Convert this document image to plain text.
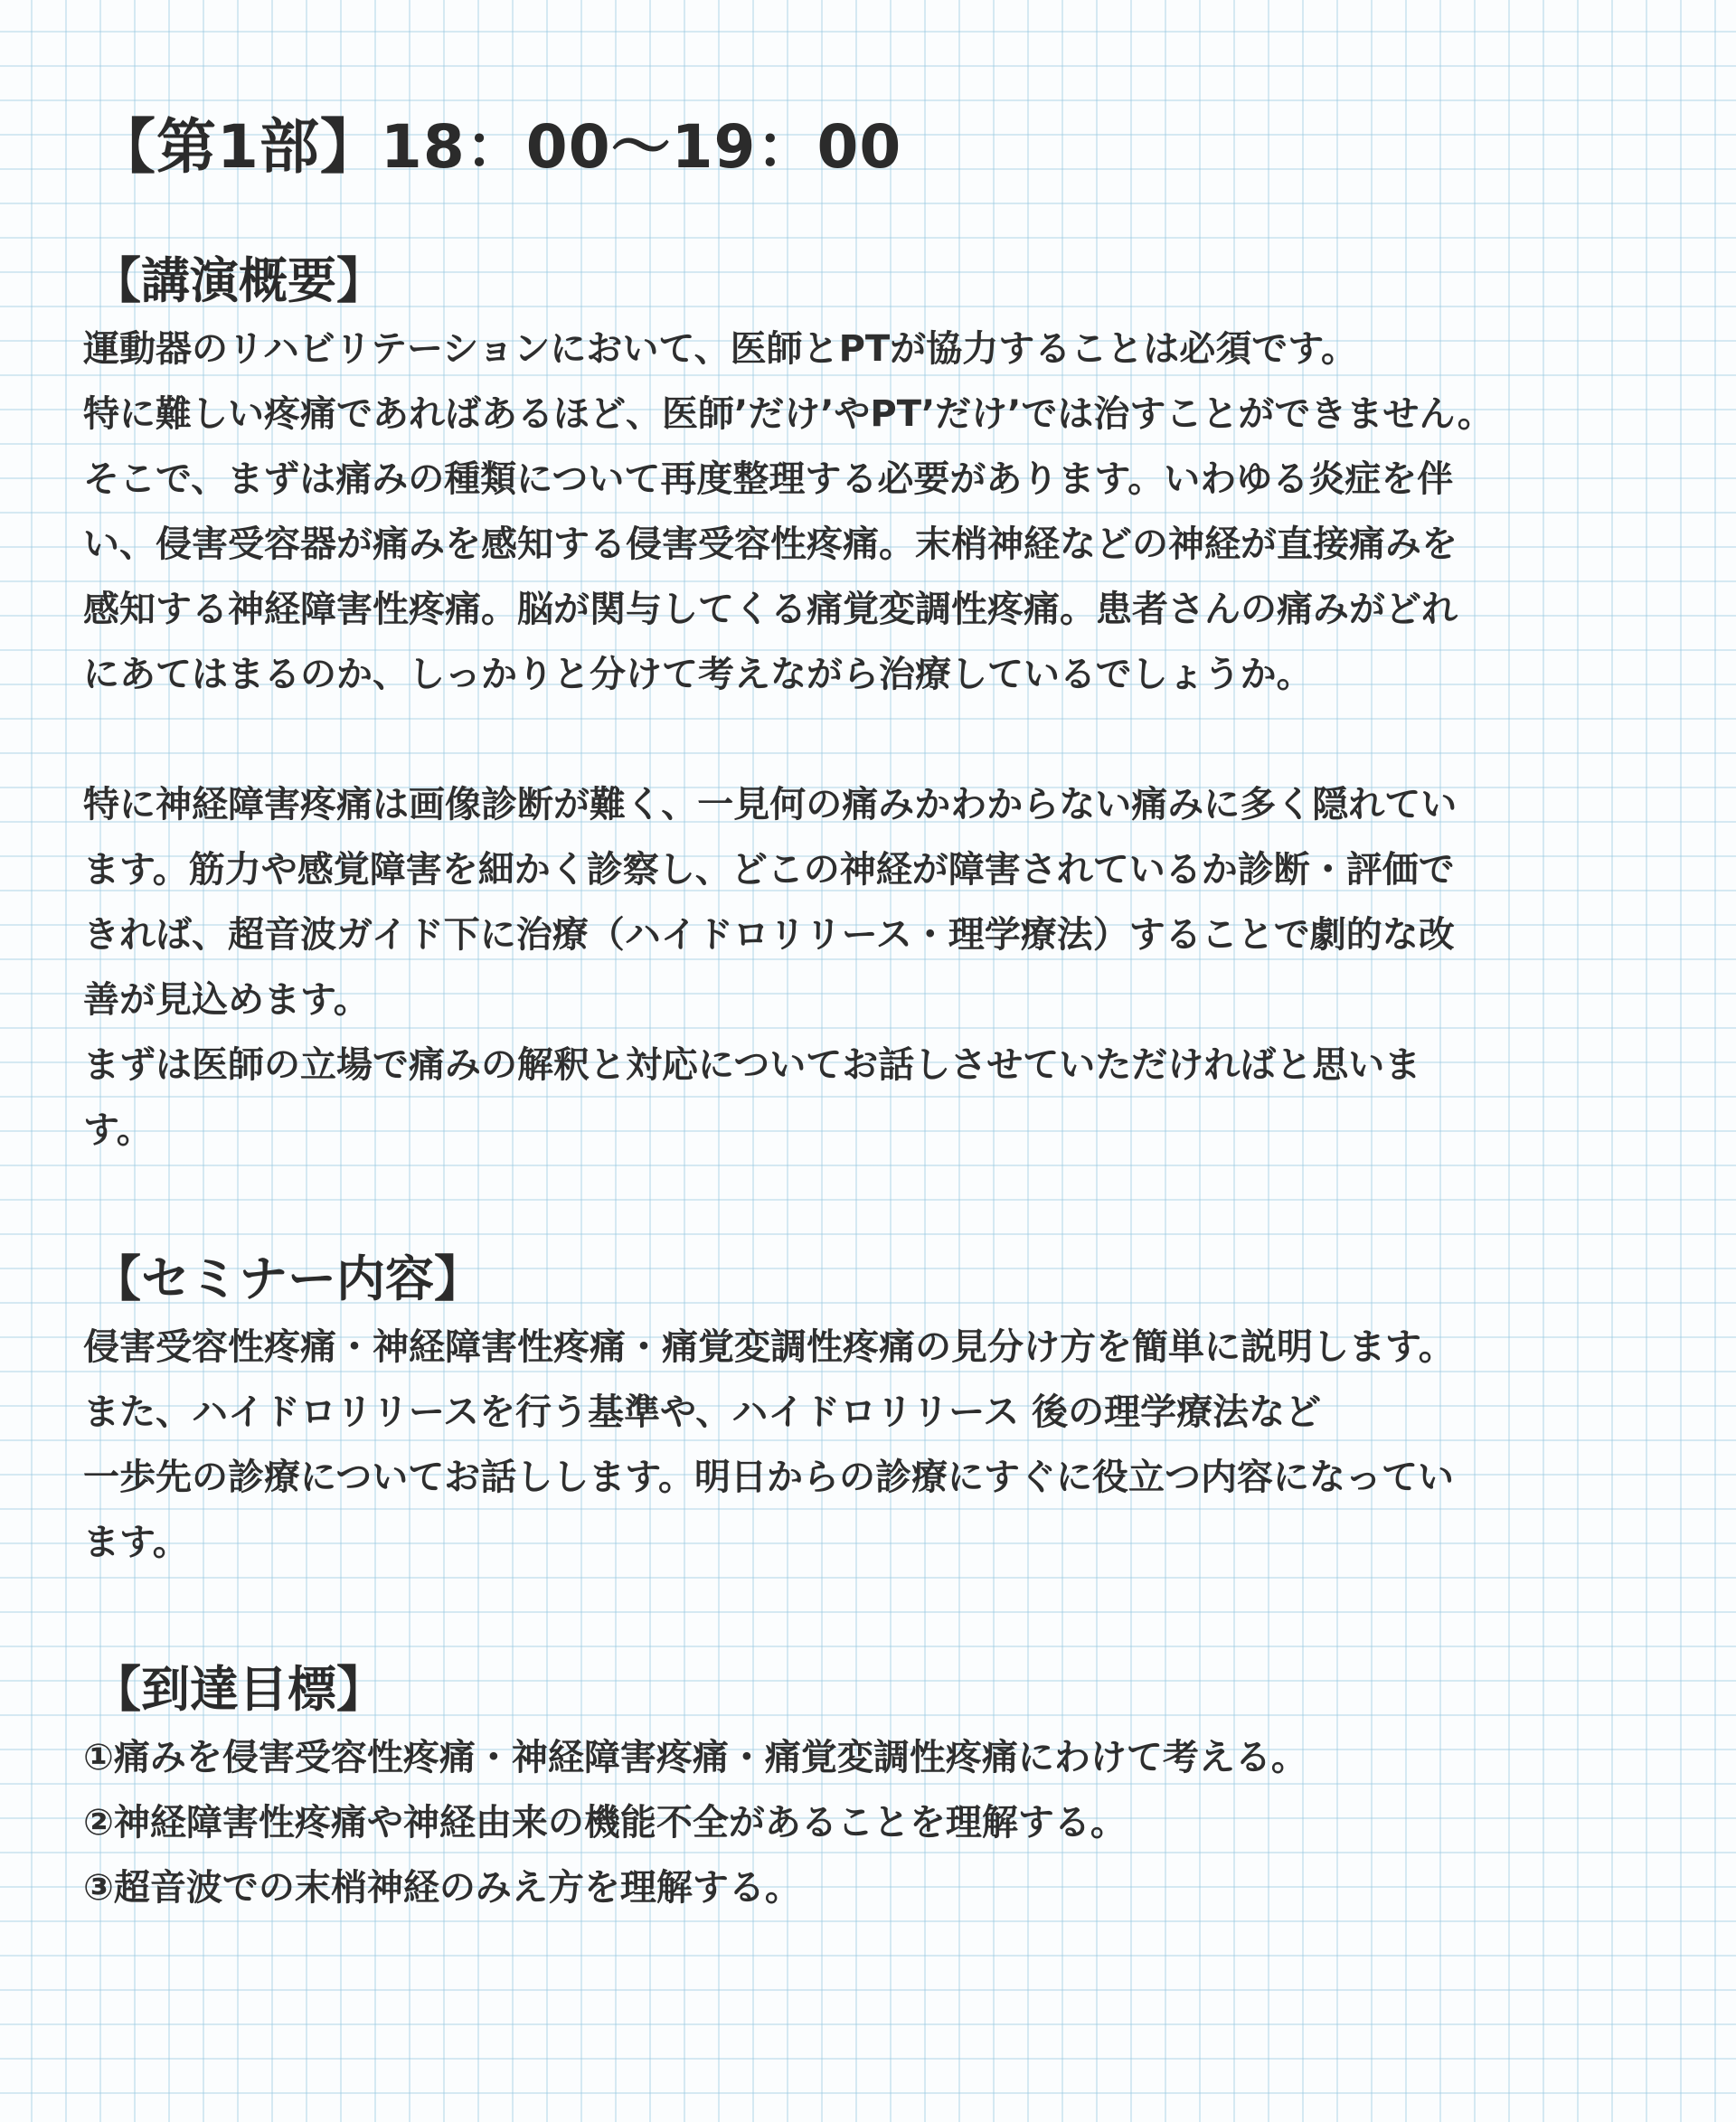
【第1部】18：00〜19：00
【講演概要】
運動器のリハビリテーションにおいて、医師とPTが協力することは必須です。
特に難しい疼痛であればあるほど、医師’だけ’やPT’だけ’では治すことができません。
そこで、まずは痛みの種類について再度整理する必要があります。いわゆる炎症を伴
い、侵害受容器が痛みを感知する侵害受容性疼痛。末梢神経などの神経が直接痛みを
感知する神経障害性疼痛。脳が関与してくる痛覚変調性疼痛。患者さんの痛みがどれ
にあてはまるのか、しっかりと分けて考えながら治療しているでしょうか。
特に神経障害疼痛は画像診断が難く、一見何の痛みかわからない痛みに多く隠れてい
ます。筋力や感覚障害を細かく診察し、どこの神経が障害されているか診断・評価で
きれば、超音波ガイド下に治療（ハイドロリリース・理学療法）することで劇的な改
善が見込めます。
まずは医師の立場で痛みの解釈と対応についてお話しさせていただければと思いま
す。
【セミナー内容】
侵害受容性疼痛・神経障害性疼痛・痛覚変調性疼痛の見分け方を簡単に説明します。
また、ハイドロリリースを行う基準や、ハイドロリリース 後の理学療法など
一歩先の診療についてお話しします。明日からの診療にすぐに役立つ内容になってい
ます。
【到達目標】
①痛みを侵害受容性疼痛・神経障害疼痛・痛覚変調性疼痛にわけて考える。
②神経障害性疼痛や神経由来の機能不全があることを理解する。
③超音波での末梢神経のみえ方を理解する。
